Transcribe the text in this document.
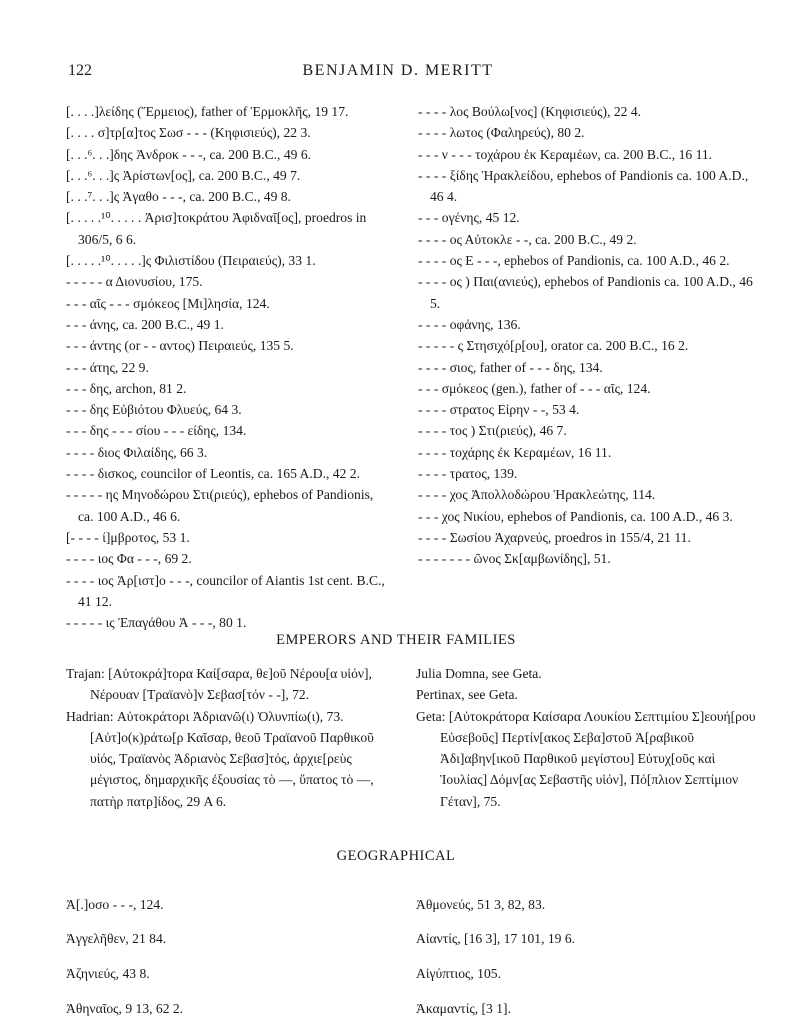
122	BENJAMIN D. MERITT

[. . . .]λείδης (Ἕρμειος), father of Ἑρμοκλῆς, 19 17.

[. . . . σ]τρ[α]τος Σωσ - - - (Κηφισιεύς), 22 3.

[. . .⁶. . .]δης Ἀνδροκ - - -, ca. 200 B.C., 49 6.

[. . .⁶. . .]ς Ἀρίστων[ος], ca. 200 B.C., 49 7.

[. . .⁷. . .]ς Ἀγαθο - - -, ca. 200 B.C., 49 8.

[. . . . .¹⁰. . . . . Ἀρισ]τοκράτου Ἀφιδναῖ[ος], proedros in 306/5, 6 6.

[. . . . .¹⁰. . . . .]ς Φιλιστίδου (Πειραιεύς), 33 1.

- - - - - α Διονυσίου, 175.

- - - αῖς - - - σμόκεος [Μι]λησία, 124.

- - - άνης, ca. 200 B.C., 49 1.

- - - άντης (or - - αντος) Πειραιεύς, 135 5.

- - - άτης, 22 9.

- - - δης, archon, 81 2.

- - - δης Εὐβιότου Φλυεύς, 64 3.

- - - δης - - - σίου - - - είδης, 134.

- - - - διος Φιλαίδης, 66 3.

- - - - δισκος, councilor of Leontis, ca. 165 A.D., 42 2.

- - - - - ης Μηνοδώρου Στι(ριεύς), ephebos of Pandionis, ca. 100 A.D., 46 6.

[- - - - ί]μβροτος, 53 1.

- - - - ιος Φα - - -, 69 2.

- - - - ιος Ἀρ[ιστ]ο - - -, councilor of Aiantis 1st cent. B.C., 41 12.

- - - - - ις Ἐπαγάθου Ἀ - - -, 80 1.

- - - - λος Βούλω[νος] (Κηφισιεύς), 22 4.

- - - - λωτος (Φαληρεύς), 80 2.

- - - ν - - - τοχάρου ἐκ Κεραμέων, ca. 200 B.C., 16 11.

- - - - ξίδης Ἡρακλείδου, ephebos of Pandionis ca. 100 A.D., 46 4.

- - - ογένης, 45 12.

- - - - ος Αὐτοκλε - -, ca. 200 B.C., 49 2.

- - - - ος Ε - - -, ephebos of Pandionis, ca. 100 A.D., 46 2.

- - - - ος ) Παι(ανιεύς), ephebos of Pandionis ca. 100 A.D., 46 5.

- - - - οφάνης, 136.

- - - - - ς Στησιχό[ρ[ου], orator ca. 200 B.C., 16 2.

- - - - σιος, father of - - - δης, 134.

- - - σμόκεος (gen.), father of - - - αῖς, 124.

- - - - στρατος Εἰρην - -, 53 4.

- - - - τος ) Στι(ριεύς), 46 7.

- - - - τοχάρης ἐκ Κεραμέων, 16 11.

- - - - τρατος, 139.

- - - - χος Ἀπολλοδώρου Ἡρακλεώτης, 114.

- - - χος Νικίου, ephebos of Pandionis, ca. 100 A.D., 46 3.

- - - - Σωσίου Ἀχαρνεύς, proedros in 155/4, 21 11.

- - - - - - - ῶνος Σκ[αμβωνίδης], 51.

EMPERORS AND THEIR FAMILIES

Trajan: [Αὐτοκρά]τορα Καί[σαρα, θε]οῦ Νέρου[α υἱόν], Νέρουαν [Τραϊανὸ]ν Σεβασ[τόν - -], 72.

Hadrian: Αὐτοκράτορι Ἀδριανῶ(ι) Ὀλυνπίω(ι), 73. [Αὐτ]ο(κ)ράτω[ρ Καῖσαρ, θεοῦ Τραϊανοῦ Παρθικοῦ υἱός, Τραϊανὸς Ἀδριανὸς Σεβασ]τός, ἀρχιε[ρεὺς μέγιστος, δημαρχικῆς ἐξουσίας τὸ —, ὕπατος τὸ —, πατὴρ πατρ]ίδος, 29 A 6.

Julia Domna, see Geta.

Pertinax, see Geta.

Geta: [Αὐτοκράτορα Καίσαρα Λουκίου Σεπτιμίου Σ]εουή[ρου Εὐσεβοῦς] Περτίν[ακος Σεβα]στοῦ Ἀ[ραβικοῦ Ἀδι]αβην[ικοῦ Παρθικοῦ μεγίστου] Εὐτυχ[οῦς καὶ Ἰουλίας] Δόμν[ας Σεβαστῆς υἱόν], Πό[πλιον Σεπτίμιον Γέταν], 75.

GEOGRAPHICAL

Ἀ[.]οσο - - -, 124.

Ἀγγελῆθεν, 21 84.

Ἀζηνιεύς, 43 8.

Ἀθηναῖος, 9 13, 62 2.

Ἀθμονεύς, 51 3, 82, 83.

Αἰαντίς, [16 3], 17 101, 19 6.

Αἰγύπτιος, 105.

Ἀκαμαντίς, [3 1].
